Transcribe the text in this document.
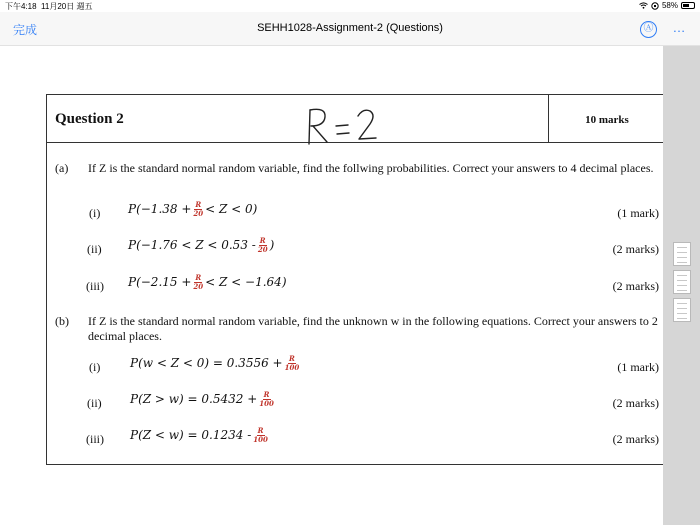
下午4:18 11月20日 週五	58%
完成	SEHH1028-Assignment-2 (Questions)	Ⓐ	…
Question 2	10 marks
(a) If Z is the standard normal random variable, find the follwing probabilities. Correct your answers to 4 decimal places.
(i) $P(-1.38 + \frac{R}{20} < Z < 0)$	(1 mark)
(ii) $P(-1.76 < Z < 0.53 - \frac{R}{20}$ )	(2 marks)
(iii) $P(-2.15 + \frac{R}{20} < Z < -1.64)$	(2 marks)
(b) If Z is the standard normal random variable, find the unknown w in the following equations. Correct your answers to 2 decimal places.
(i) $P(w < Z < 0) = 0.3556 + \frac{R}{100}$	(1 mark)
(ii) $P(Z > w) = 0.5432 + \frac{R}{100}$	(2 marks)
(iii) $P(Z < w) = 0.1234 - \frac{R}{100}$	(2 marks)
